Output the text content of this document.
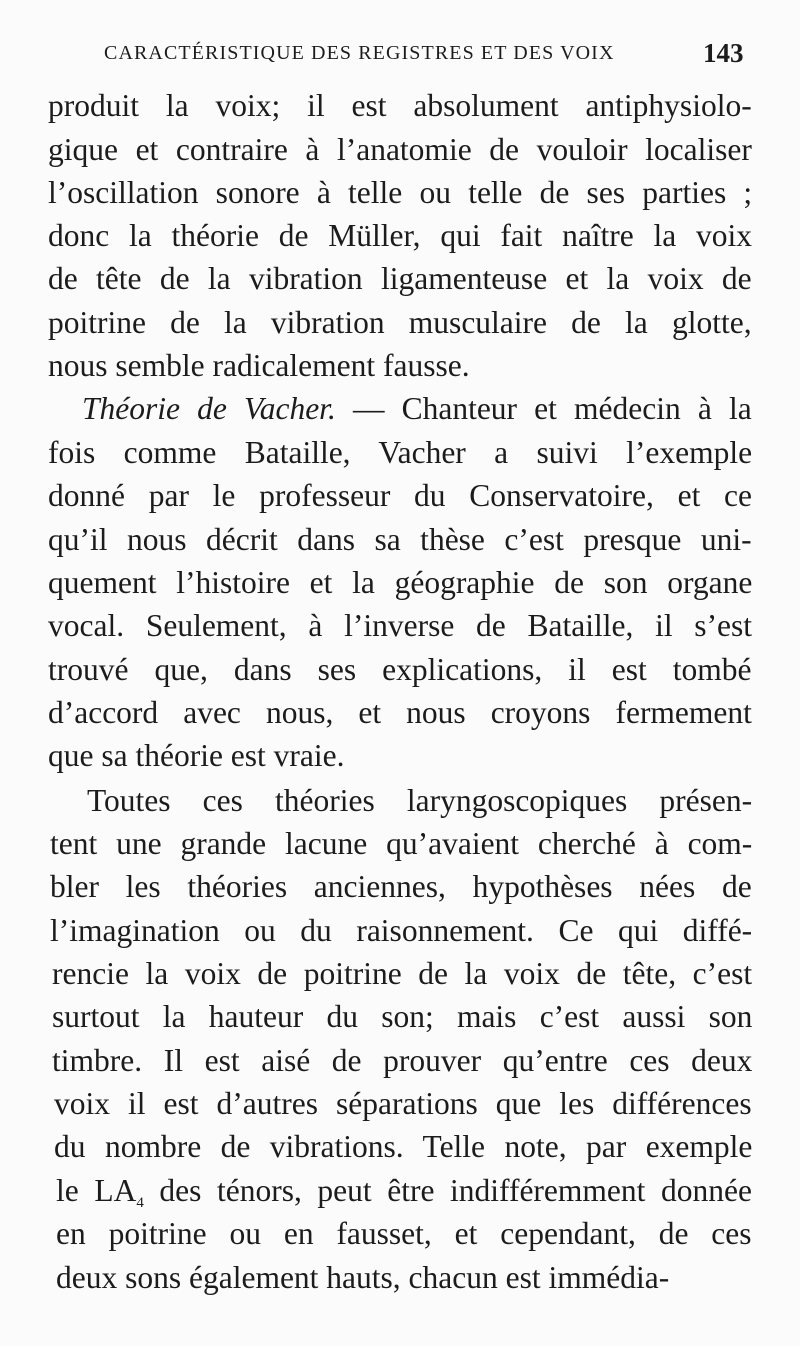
CARACTÉRISTIQUE DES REGISTRES ET DES VOIX	143
produit la voix; il est absolument antiphysiolo-
gique et contraire à l’anatomie de vouloir localiser
l’oscillation sonore à telle ou telle de ses parties ;
donc la théorie de Müller, qui fait naître la voix
de tête de la vibration ligamenteuse et la voix de
poitrine de la vibration musculaire de la glotte,
nous semble radicalement fausse.
Théorie de Vacher. — Chanteur et médecin à la
fois comme Bataille, Vacher a suivi l’exemple
donné par le professeur du Conservatoire, et ce
qu’il nous décrit dans sa thèse c’est presque uni-
quement l’histoire et la géographie de son organe
vocal. Seulement, à l’inverse de Bataille, il s’est
trouvé que, dans ses explications, il est tombé
d’accord avec nous, et nous croyons fermement
que sa théorie est vraie.
Toutes ces théories laryngoscopiques présen-
tent une grande lacune qu’avaient cherché à com-
bler les théories anciennes, hypothèses nées de
l’imagination ou du raisonnement. Ce qui diffé-
rencie la voix de poitrine de la voix de tête, c’est
surtout la hauteur du son; mais c’est aussi son
timbre. Il est aisé de prouver qu’entre ces deux
voix il est d’autres séparations que les différences
du nombre de vibrations. Telle note, par exemple
le LA4 des ténors, peut être indifféremment donnée
en poitrine ou en fausset, et cependant, de ces
deux sons également hauts, chacun est immédia-
